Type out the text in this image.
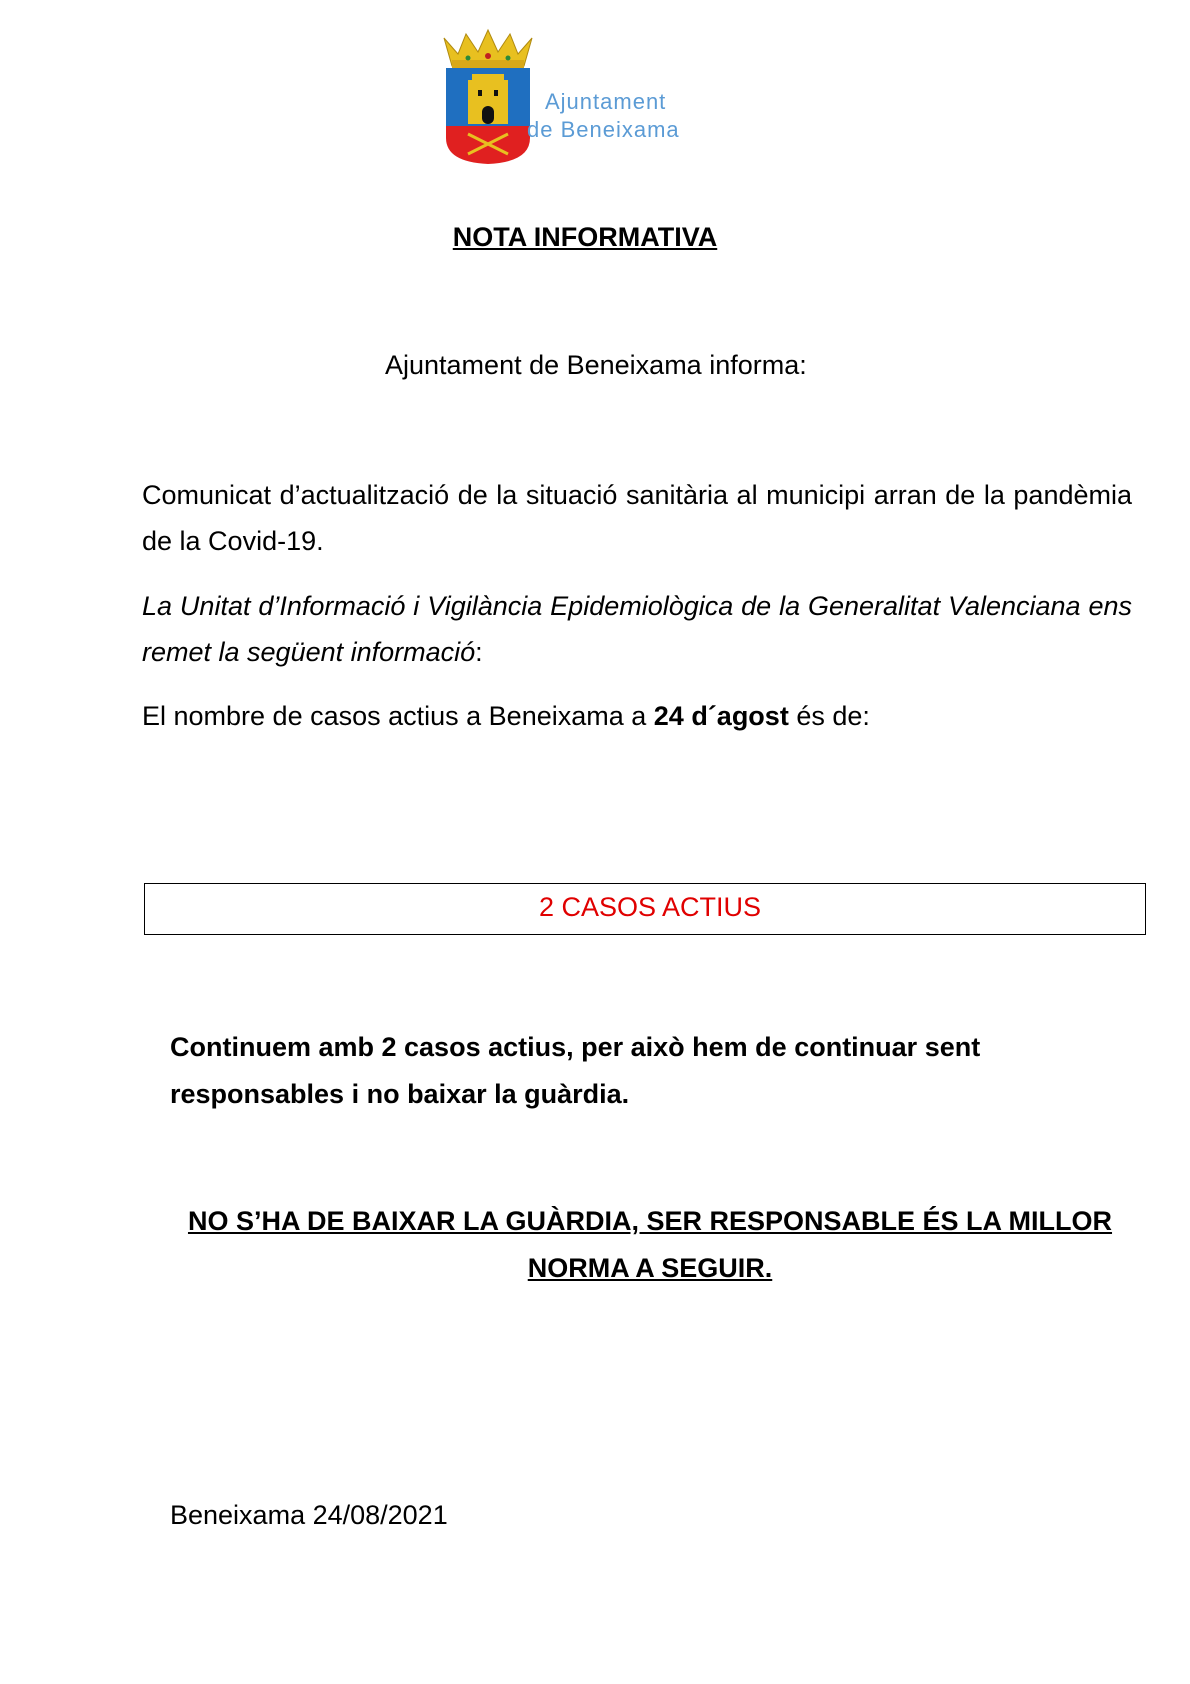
Ajuntament
de Beneixama
NOTA INFORMATIVA
Ajuntament de Beneixama informa:
Comunicat d’actualització de la situació sanitària al municipi arran de la pandèmia de la Covid-19.
La Unitat d’Informació i Vigilància Epidemiològica de la Generalitat Valenciana ens remet la següent informació:
El nombre de casos actius a Beneixama a 24 d´agost és de:
2 CASOS ACTIUS
Continuem amb 2 casos actius, per això hem de continuar sent responsables i no baixar la guàrdia.
NO S’HA DE BAIXAR LA GUÀRDIA, SER RESPONSABLE ÉS LA MILLOR NORMA A SEGUIR.
Beneixama 24/08/2021
